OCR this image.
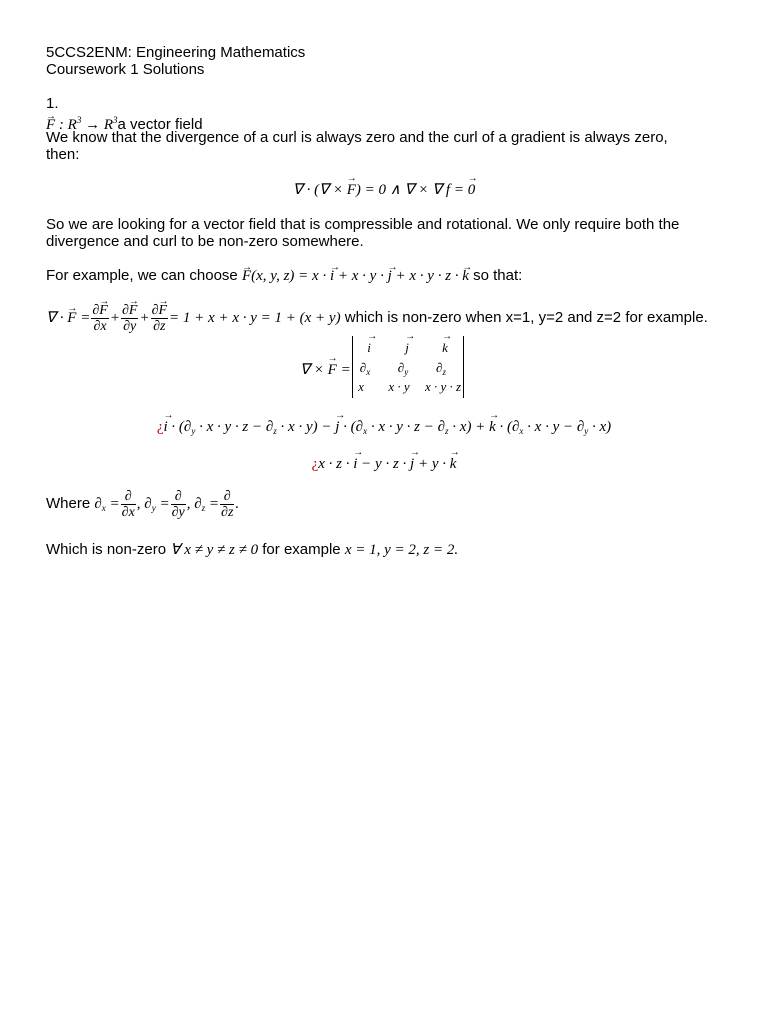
5CCS2ENM: Engineering Mathematics
Coursework 1 Solutions
1.
→ F : $R^3 \to R^3a$ vector field
We know that the divergence of a curl is always zero and the curl of a gradient is always zero,
then:
∇ · (∇ × → F) = 0 ∧ ∇ × ∇ f = → 0
So we are looking for a vector field that is compressible and rotational. We only require both the
divergence and curl to be non-zero somewhere.
For example, we can choose → F(x, y, z) = x · → i + x · y · → j + x · y · z · → k so that:
∇ · → $F = \frac{\partial\to F}{\partial x} + \frac{\partial\to F}{\partial y} + \frac{\partial\to F}{\partial z} = 1 + x + x \cdot y = 1 + (x + y)$ which is non-zero when x=1, y=2 and z=2 for example.
∇ × → F =
→ i	→ j	→ k
$\partial_x$	$\partial_y$	$\partial_z$
x	x · y	x · y · z
¿→ $i \cdot (\partial_y \cdot x \cdot y \cdot z - \partial_z \cdot x \cdot y)$ − → $j \cdot (\partial_x \cdot x \cdot y \cdot z - \partial_z \cdot x)$ + → $k \cdot (\partial_x \cdot x \cdot y - \partial_y \cdot x)$
¿x · z · → i − y · z · → j + y · → k
Where $\partial_x = \frac{\partial}{\partial x}$ , $\partial_y = \frac{\partial}{\partial y}$ , $\partial_z = \frac{\partial}{\partial z}$ .
Which is non-zero ∀ x ≠ y ≠ z ≠ 0 for example x = 1, y = 2, z = 2.
